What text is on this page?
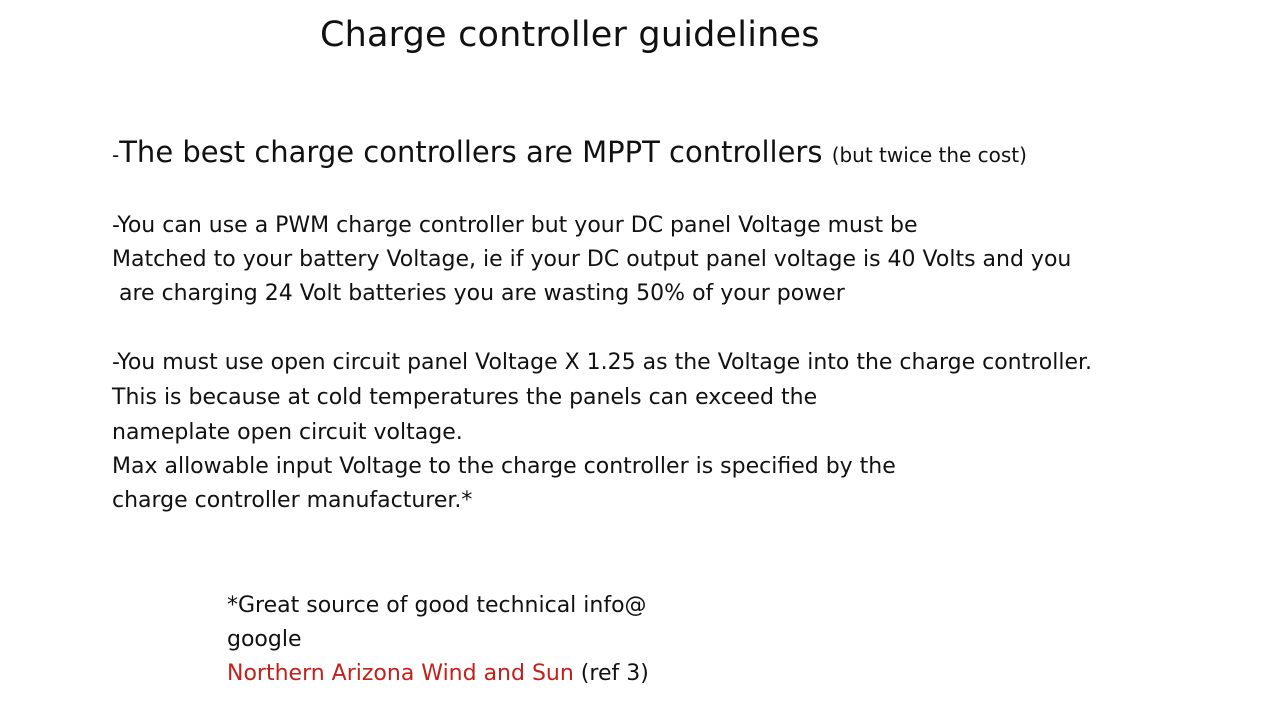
Charge controller guidelines
-The best charge controllers are MPPT controllers (but twice the cost)
-You can use a PWM charge controller but your DC panel Voltage must be
Matched to your battery Voltage, ie if your DC output panel voltage is 40 Volts and you
are charging 24 Volt batteries you are wasting 50% of your power
-You must use open circuit panel Voltage X 1.25 as the Voltage into the charge controller.
This is because at cold temperatures the panels can exceed the
nameplate open circuit voltage.
Max allowable input Voltage to the charge controller is specified by the
charge controller manufacturer.*
*Great source of good technical info@
google
Northern Arizona Wind and Sun (ref 3)
